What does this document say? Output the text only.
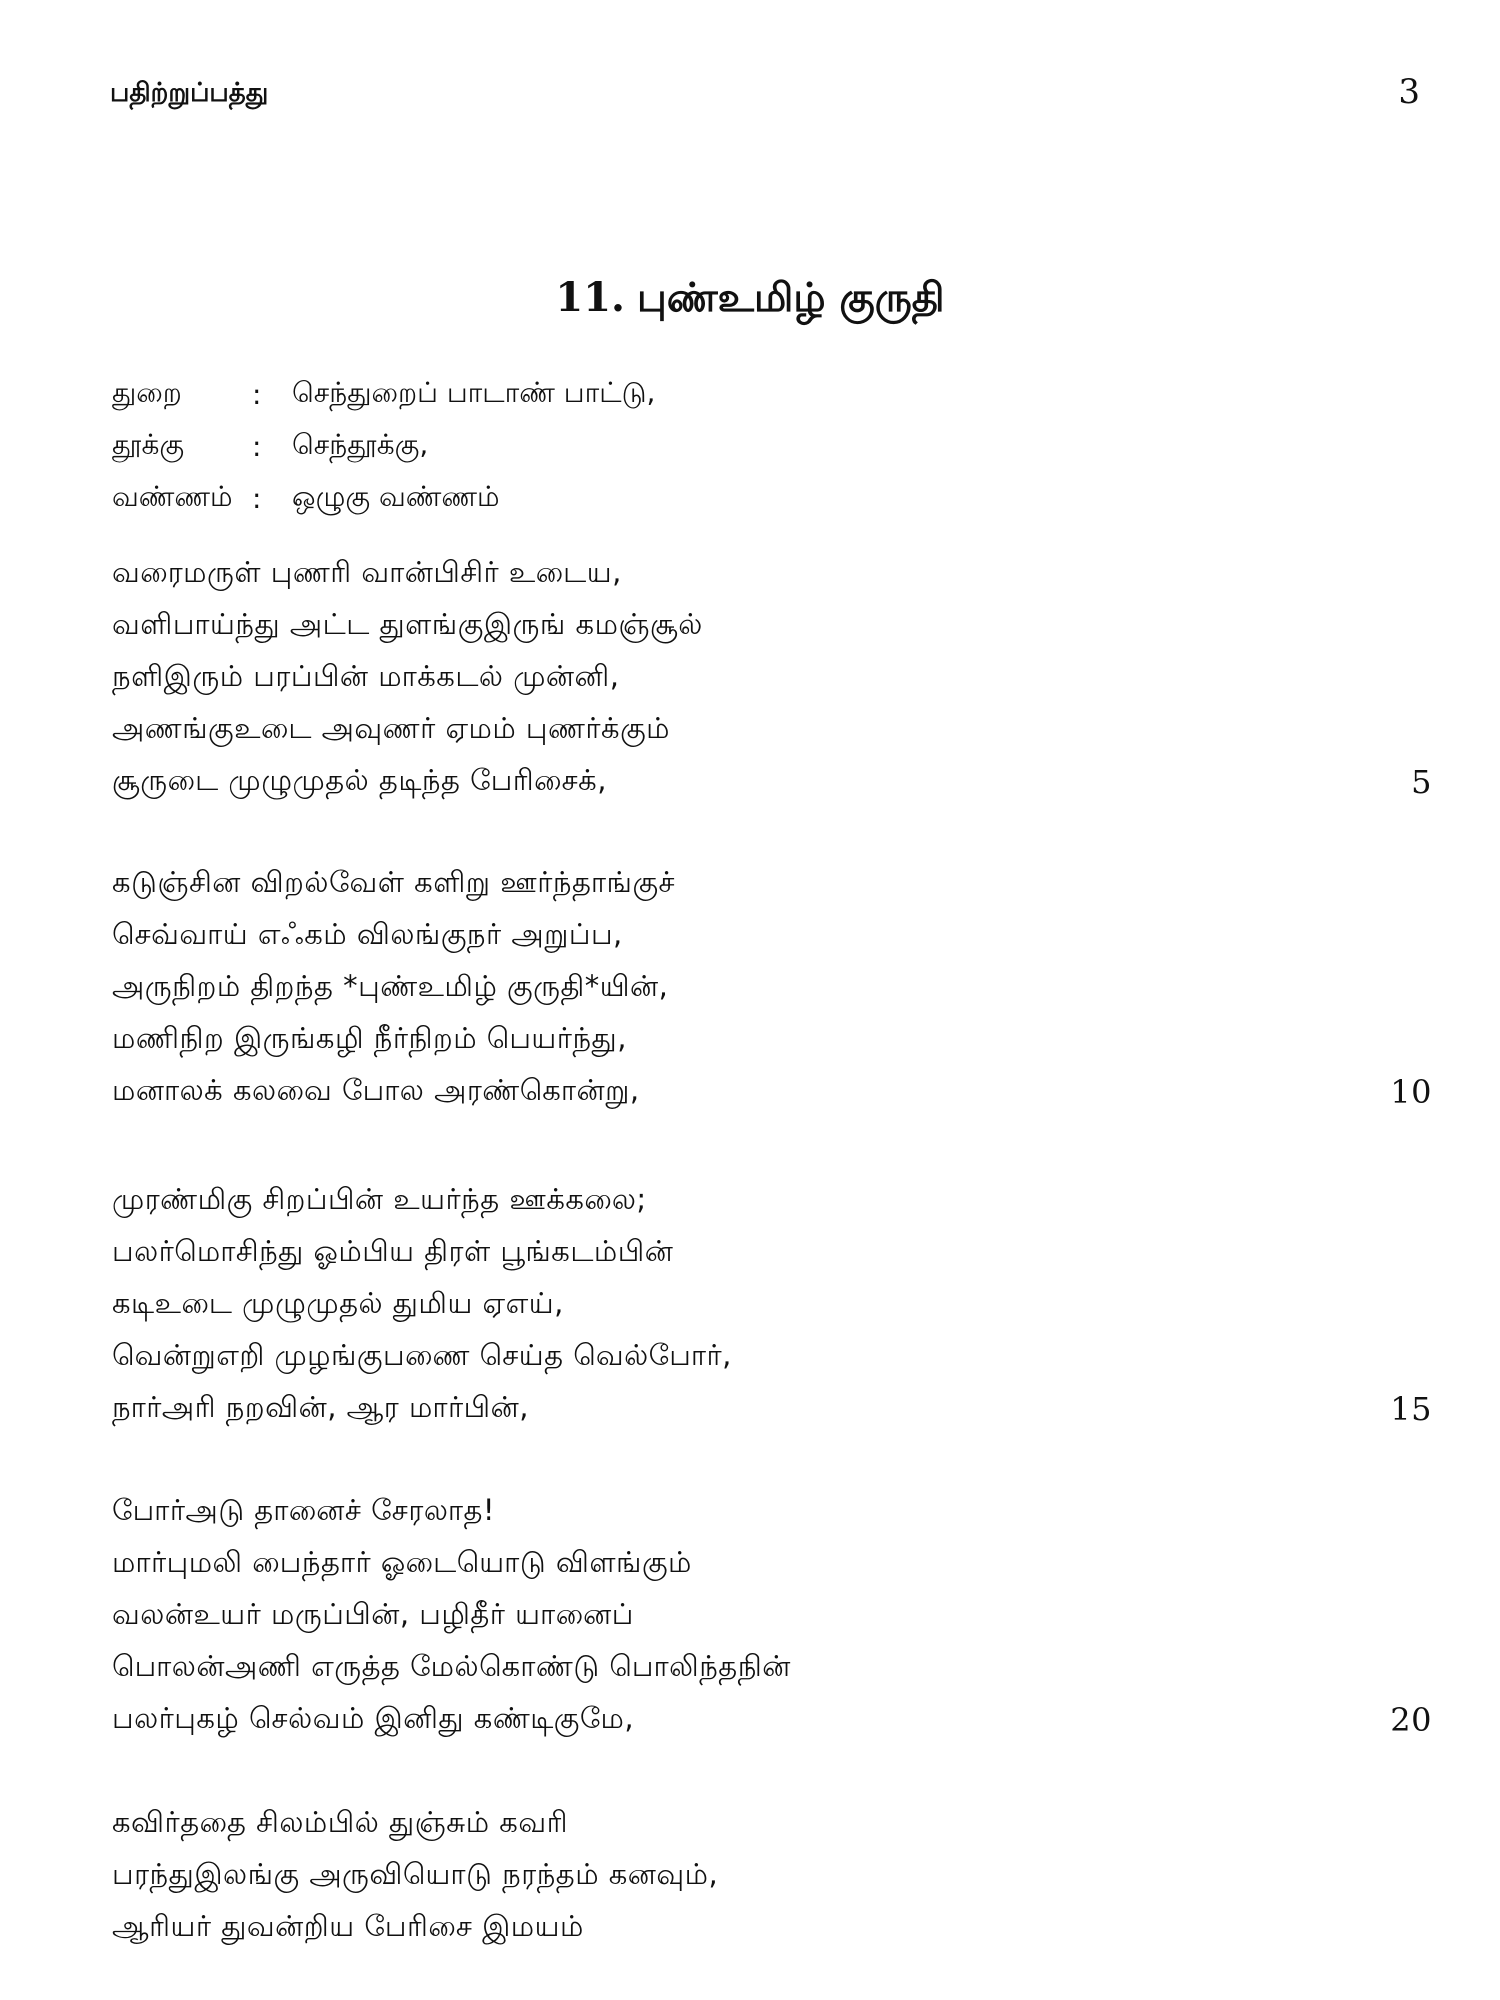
பதிற்றுப்பத்து	3
11. புண்உமிழ் குருதி
துறை	:	செந்துறைப் பாடாண் பாட்டு,
தூக்கு	:	செந்தூக்கு,
வண்ணம் :	ஒழுகு வண்ணம்
வரைமருள் புணரி வான்பிசிர் உடைய,
வளிபாய்ந்து அட்ட துளங்குஇருங் கமஞ்சூல்
நளிஇரும் பரப்பின் மாக்கடல் முன்னி,
அணங்குஉடை அவுணர் ஏமம் புணர்க்கும்
சூருடை முழுமுதல் தடிந்த பேரிசைக்,	5
கடுஞ்சின விறல்வேள் களிறு ஊர்ந்தாங்குச்
செவ்வாய் எஃகம் விலங்குநர் அறுப்ப,
அருநிறம் திறந்த *புண்உமிழ் குருதி*யின்,
மணிநிற இருங்கழி நீர்நிறம் பெயர்ந்து,
மனாலக் கலவை போல அரண்கொன்று,	10
முரண்மிகு சிறப்பின் உயர்ந்த ஊக்கலை;
பலர்மொசிந்து ஓம்பிய திரள் பூங்கடம்பின்
கடிஉடை முழுமுதல் துமிய ஏஎய்,
வென்றுஎறி முழங்குபணை செய்த வெல்போர்,
நார்அரி நறவின், ஆர மார்பின்,	15
போர்அடு தானைச் சேரலாத!
மார்புமலி பைந்தார் ஓடையொடு விளங்கும்
வலன்உயர் மருப்பின், பழிதீர் யானைப்
பொலன்அணி எருத்த மேல்கொண்டு பொலிந்தநின்
பலர்புகழ் செல்வம் இனிது கண்டிகுமே,	20
கவிர்ததை சிலம்பில் துஞ்சும் கவரி
பரந்துஇலங்கு அருவியொடு நரந்தம் கனவும்,
ஆரியர் துவன்றிய பேரிசை இமயம்
